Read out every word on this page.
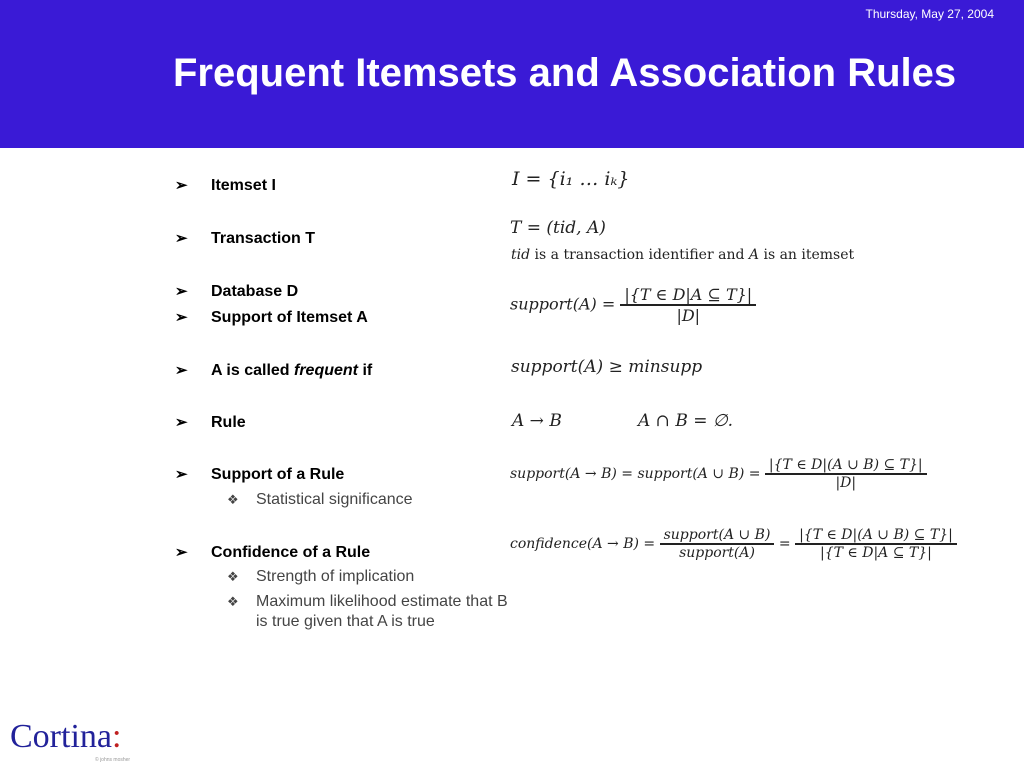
Thursday, May 27, 2004
Frequent Itemsets and Association Rules
➢ Itemset I
➢ Transaction T
➢ Database D
➢ Support of Itemset A
➢ A is called frequent if
➢ Rule
➢ Support of a Rule
❖ Statistical significance
➢ Confidence of a Rule
❖ Strength of implication
❖ Maximum likelihood estimate that B
is true given that A is true
I = {i₁ … iₖ}
T = (tid, A)
tid is a transaction identifier and A is an itemset
support(A) = $\frac{|\{T \in D|A ⊆ T\}|}{|D|}$
support(A) ≥ minsupp
A → B	A ∩ B = ∅.
support(A → B) = support(A ∪ $B) = \frac{|\{T \in D|(A \cup B) ⊆ T\}|}{|D|}$
confidence(A → $B) = \frac{\text{support(A ∪ B)}}{\text{support(A)}} = \frac{|\{T \in D|(A \cup B) ⊆ T\}|}{|\{T \in D|A ⊆ T\}|}$
Cortina:
© johns mosher
